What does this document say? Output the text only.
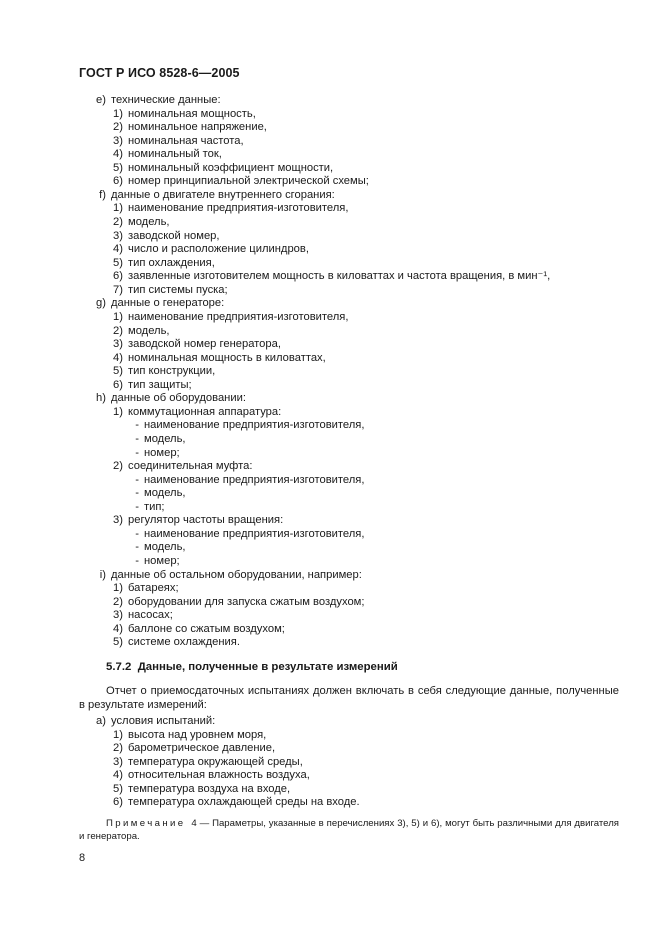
ГОСТ Р ИСО 8528-6—2005
e) технические данные:
1) номинальная мощность,
2) номинальное напряжение,
3) номинальная частота,
4) номинальный ток,
5) номинальный коэффициент мощности,
6) номер принципиальной электрической схемы;
f) данные о двигателе внутреннего сгорания:
1) наименование предприятия-изготовителя,
2) модель,
3) заводской номер,
4) число и расположение цилиндров,
5) тип охлаждения,
6) заявленные изготовителем мощность в киловаттах и частота вращения, в мин⁻¹,
7) тип системы пуска;
g) данные о генераторе:
1) наименование предприятия-изготовителя,
2) модель,
3) заводской номер генератора,
4) номинальная мощность в киловаттах,
5) тип конструкции,
6) тип защиты;
h) данные об оборудовании:
1) коммутационная аппаратура:
- наименование предприятия-изготовителя,
- модель,
- номер;
2) соединительная муфта:
- наименование предприятия-изготовителя,
- модель,
- тип;
3) регулятор частоты вращения:
- наименование предприятия-изготовителя,
- модель,
- номер;
i) данные об остальном оборудовании, например:
1) батареях;
2) оборудовании для запуска сжатым воздухом;
3) насосах;
4) баллоне со сжатым воздухом;
5) системе охлаждения.
5.7.2 Данные, полученные в результате измерений
Отчет о приемосдаточных испытаниях должен включать в себя следующие данные, полученные в результате измерений:
a) условия испытаний:
1) высота над уровнем моря,
2) барометрическое давление,
3) температура окружающей среды,
4) относительная влажность воздуха,
5) температура воздуха на входе,
6) температура охлаждающей среды на входе.
Примечание 4 — Параметры, указанные в перечислениях 3), 5) и 6), могут быть различными для двигателя и генератора.
8
